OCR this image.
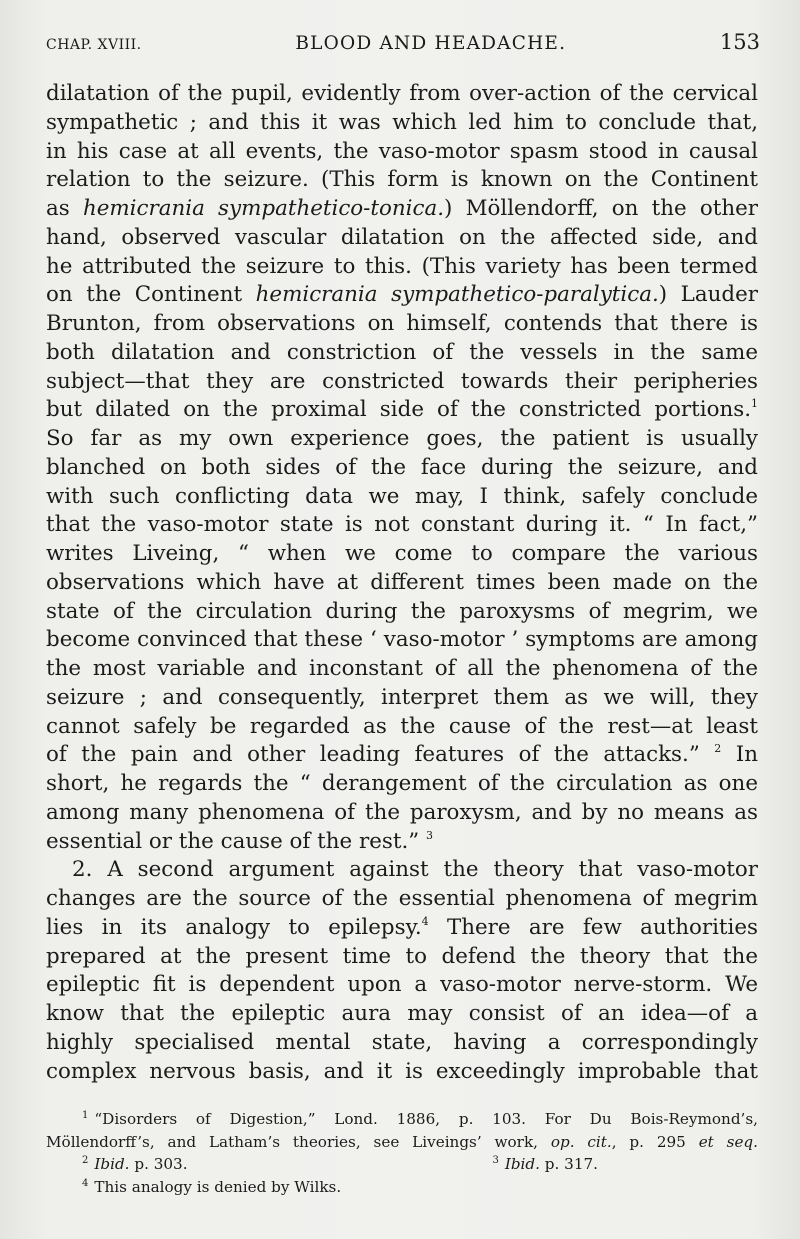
CHAP. XVIII.	BLOOD AND HEADACHE.	153
dilatation of the pupil, evidently from over-action of the cervical
sympathetic ; and this it was which led him to conclude that,
in his case at all events, the vaso-motor spasm stood in causal
relation to the seizure. (This form is known on the Continent
as hemicrania sympathetico-tonica.) Möllendorff, on the other
hand, observed vascular dilatation on the affected side, and
he attributed the seizure to this. (This variety has been termed
on the Continent hemicrania sympathetico-paralytica.) Lauder
Brunton, from observations on himself, contends that there is
both dilatation and constriction of the vessels in the same
subject—that they are constricted towards their peripheries
but dilated on the proximal side of the constricted portions.$^1$
So far as my own experience goes, the patient is usually
blanched on both sides of the face during the seizure, and
with such conflicting data we may, I think, safely conclude
that the vaso-motor state is not constant during it. “ In fact,”
writes Liveing, “ when we come to compare the various
observations which have at different times been made on the
state of the circulation during the paroxysms of megrim, we
become convinced that these ‘ vaso-motor ’ symptoms are among
the most variable and inconstant of all the phenomena of the
seizure ; and consequently, interpret them as we will, they
cannot safely be regarded as the cause of the rest—at least
of the pain and other leading features of the attacks.” $^2$ In
short, he regards the “ derangement of the circulation as one
among many phenomena of the paroxysm, and by no means as
essential or the cause of the rest.” $^3$
2. A second argument against the theory that vaso-motor
changes are the source of the essential phenomena of megrim
lies in its analogy to epilepsy.$^4$ There are few authorities
prepared at the present time to defend the theory that the
epileptic fit is dependent upon a vaso-motor nerve-storm. We
know that the epileptic aura may consist of an idea—of a
highly specialised mental state, having a correspondingly
complex nervous basis, and it is exceedingly improbable that
$^1$ “Disorders of Digestion,” Lond. 1886, p. 103. For Du Bois-Reymond’s,
Möllendorff’s, and Latham’s theories, see Liveings’ work, op. cit., p. 295 et seq.
$^2$ Ibid. p. 303.	$^3$ Ibid. p. 317.
$^4$ This analogy is denied by Wilks.
